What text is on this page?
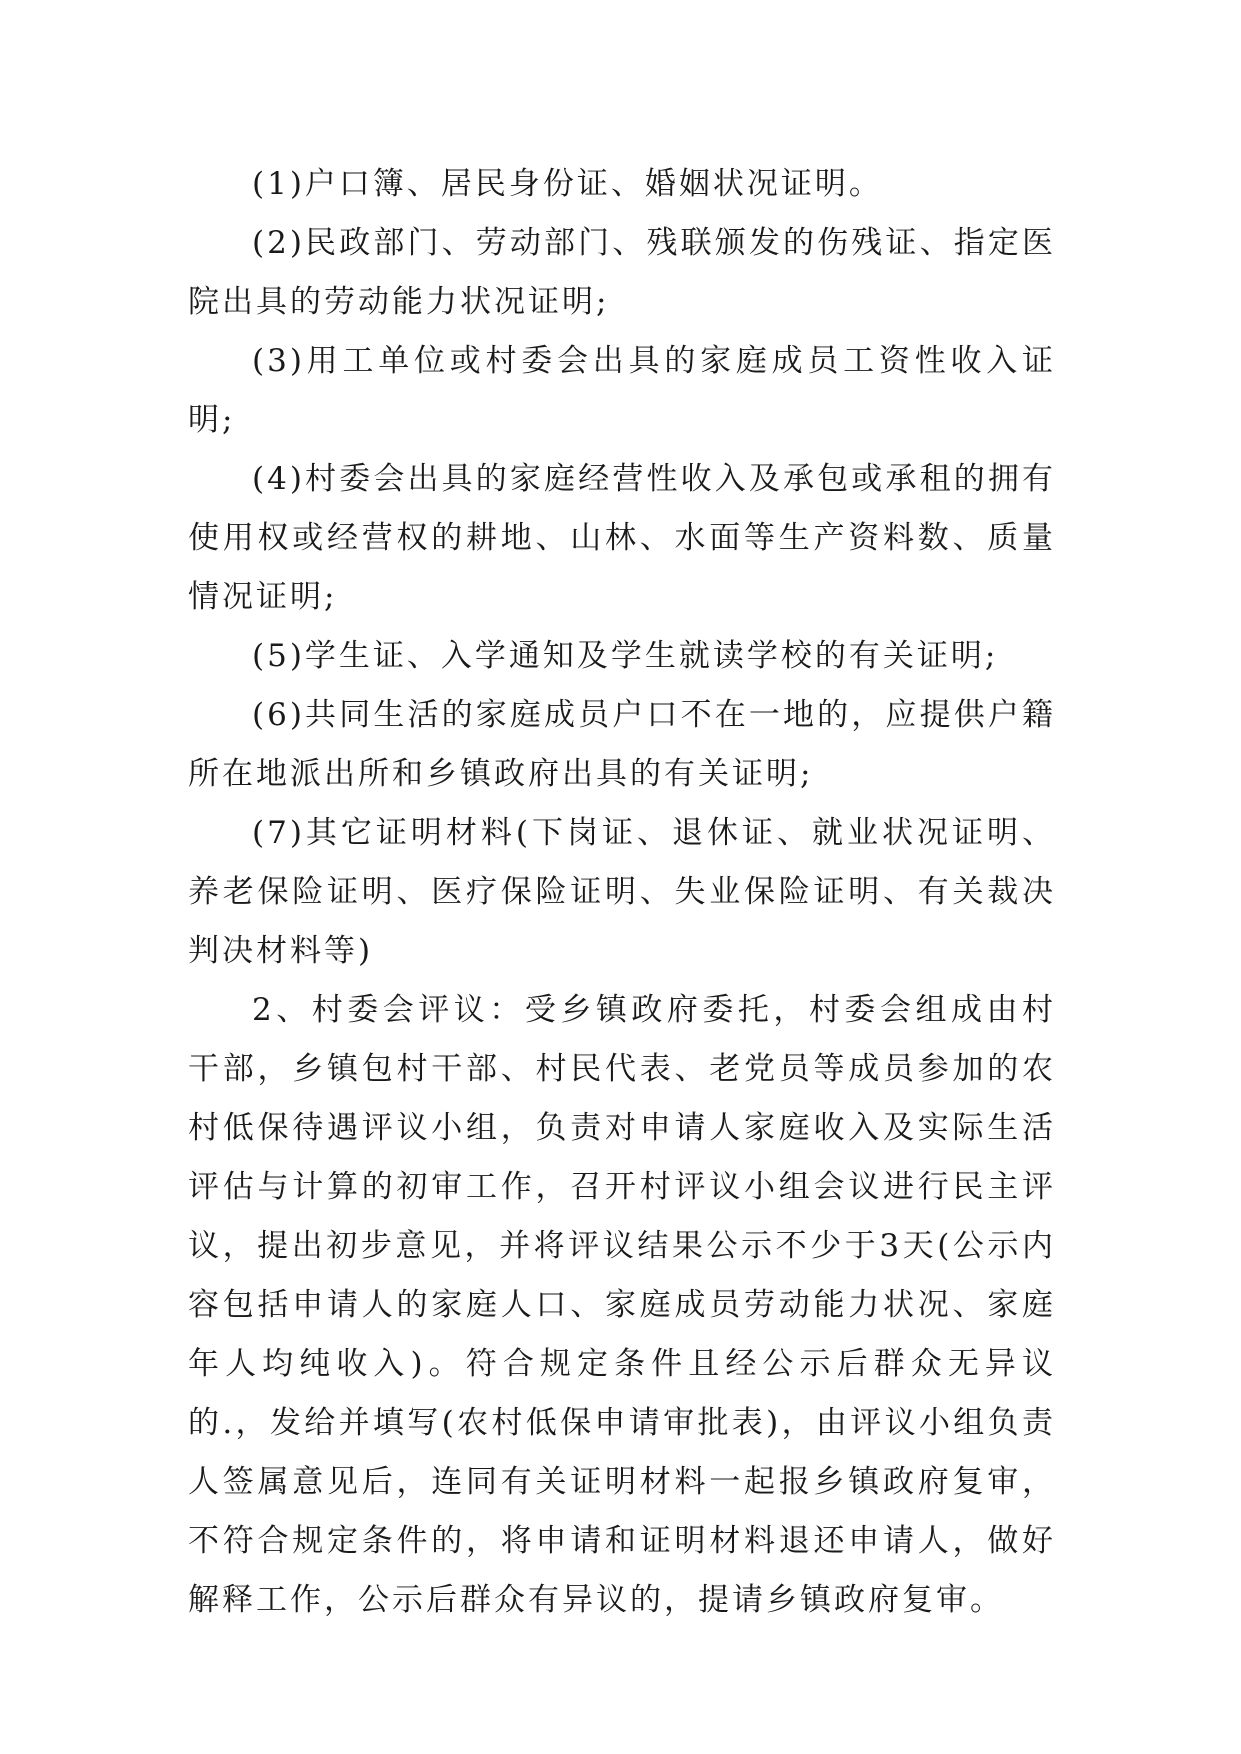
(1)户口簿、居民身份证、婚姻状况证明。

(2)民政部门、劳动部门、残联颁发的伤残证、指定医院出具的劳动能力状况证明;

(3)用工单位或村委会出具的家庭成员工资性收入证明;

(4)村委会出具的家庭经营性收入及承包或承租的拥有使用权或经营权的耕地、山林、水面等生产资料数、质量情况证明;

(5)学生证、入学通知及学生就读学校的有关证明;

(6)共同生活的家庭成员户口不在一地的，应提供户籍所在地派出所和乡镇政府出具的有关证明;

(7)其它证明材料(下岗证、退休证、就业状况证明、养老保险证明、医疗保险证明、失业保险证明、有关裁决判决材料等)

2、村委会评议：受乡镇政府委托，村委会组成由村干部，乡镇包村干部、村民代表、老党员等成员参加的农村低保待遇评议小组，负责对申请人家庭收入及实际生活评估与计算的初审工作，召开村评议小组会议进行民主评议，提出初步意见，并将评议结果公示不少于3天(公示内容包括申请人的家庭人口、家庭成员劳动能力状况、家庭年人均纯收入)。符合规定条件且经公示后群众无异议的.，发给并填写(农村低保申请审批表)，由评议小组负责人签属意见后，连同有关证明材料一起报乡镇政府复审，不符合规定条件的，将申请和证明材料退还申请人，做好解释工作，公示后群众有异议的，提请乡镇政府复审。
